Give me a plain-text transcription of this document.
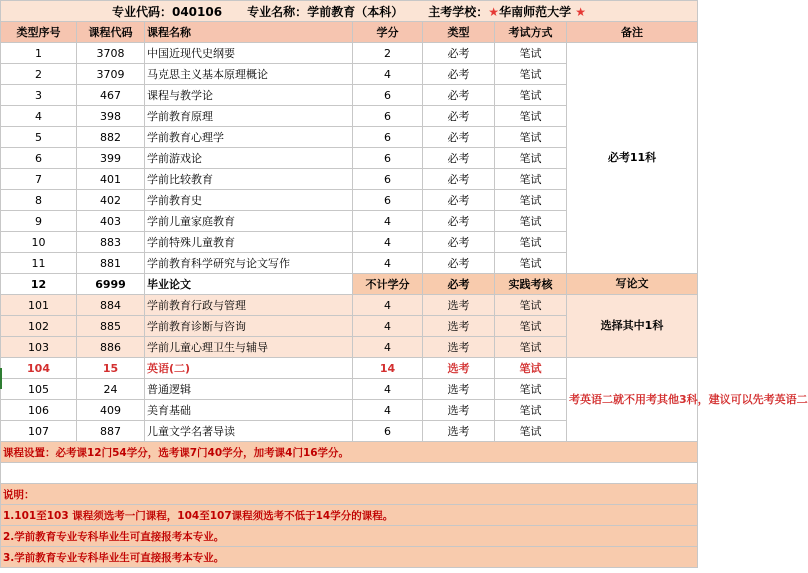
专业代码：040106 专业名称：学前教育（本科） 主考学校：★华南师范大学 ★						
类型序号	课程代码	课程名称	学分	类型	考试方式	备注
1	3708	中国近现代史纲要	2	必考	笔试	必考11科
2	3709	马克思主义基本原理概论	4	必考	笔试	
3	467	课程与教学论	6	必考	笔试	
4	398	学前教育原理	6	必考	笔试	
5	882	学前教育心理学	6	必考	笔试	
6	399	学前游戏论	6	必考	笔试	
7	401	学前比较教育	6	必考	笔试	
8	402	学前教育史	6	必考	笔试	
9	403	学前儿童家庭教育	4	必考	笔试	
10	883	学前特殊儿童教育	4	必考	笔试	
11	881	学前教育科学研究与论文写作	4	必考	笔试	
12	6999	毕业论文	不计学分	必考	实践考核	写论文
101	884	学前教育行政与管理	4	选考	笔试	选择其中1科
102	885	学前教育诊断与咨询	4	选考	笔试	
103	886	学前儿童心理卫生与辅导	4	选考	笔试	
104	15	英语(二)	14	选考	笔试	考英语二就不用考其他3科，建议可以先考英语二
105	24	普通逻辑	4	选考	笔试	
106	409	美育基础	4	选考	笔试	
107	887	儿童文学名著导读	6	选考	笔试	
课程设置：必考课12门54学分，选考课7门40学分，加考课4门16学分。						

说明：						
1.101至103 课程须选考一门课程，104至107课程须选考不低于14学分的课程。						
2.学前教育专业专科毕业生可直接报考本专业。						
3.学前教育专业专科毕业生可直接报考本专业。						
